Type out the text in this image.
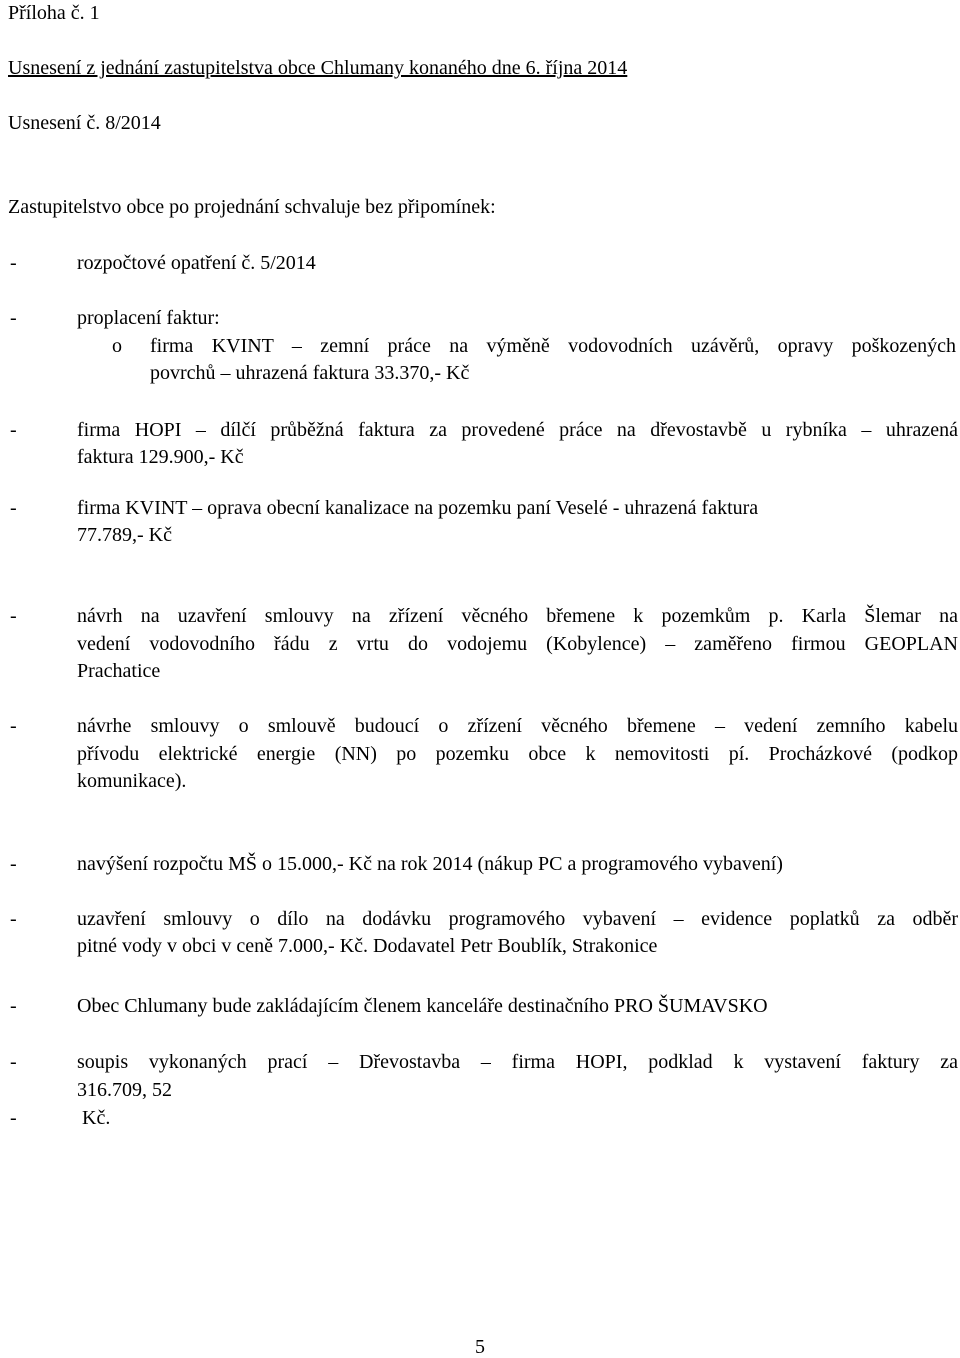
Příloha č. 1
Usnesení z jednání zastupitelstva obce Chlumany konaného dne 6. října 2014
Usnesení č. 8/2014
Zastupitelstvo obce po projednání schvaluje bez připomínek:
-	rozpočtové opatření č. 5/2014
-	proplacení faktur:
o firma KVINT – zemní práce na výměně vodovodních uzávěrů, opravy poškozených
povrchů – uhrazená faktura 33.370,- Kč
-	firma HOPI – dílčí průběžná faktura za provedené práce na dřevostavbě u rybníka – uhrazená
faktura 129.900,- Kč
-	firma KVINT – oprava obecní kanalizace na pozemku paní Veselé - uhrazená faktura
77.789,- Kč
-	návrh na uzavření smlouvy na zřízení věcného břemene k pozemkům p. Karla Šlemar na
vedení vodovodního řádu z vrtu do vodojemu (Kobylence) – zaměřeno firmou GEOPLAN
Prachatice
-	návrhe smlouvy o smlouvě budoucí o zřízení věcného břemene – vedení zemního kabelu
přívodu elektrické energie (NN) po pozemku obce k nemovitosti pí. Procházkové (podkop
komunikace).
-	navýšení rozpočtu MŠ o 15.000,- Kč na rok 2014 (nákup PC a programového vybavení)
-	uzavření smlouvy o dílo na dodávku programového vybavení – evidence poplatků za odběr
pitné vody v obci v ceně 7.000,- Kč. Dodavatel Petr Boublík, Strakonice
-	Obec Chlumany bude zakládajícím členem kanceláře destinačního PRO ŠUMAVSKO
-	soupis vykonaných prací – Dřevostavba – firma HOPI, podklad k vystavení faktury za
316.709, 52
-	Kč.
5
